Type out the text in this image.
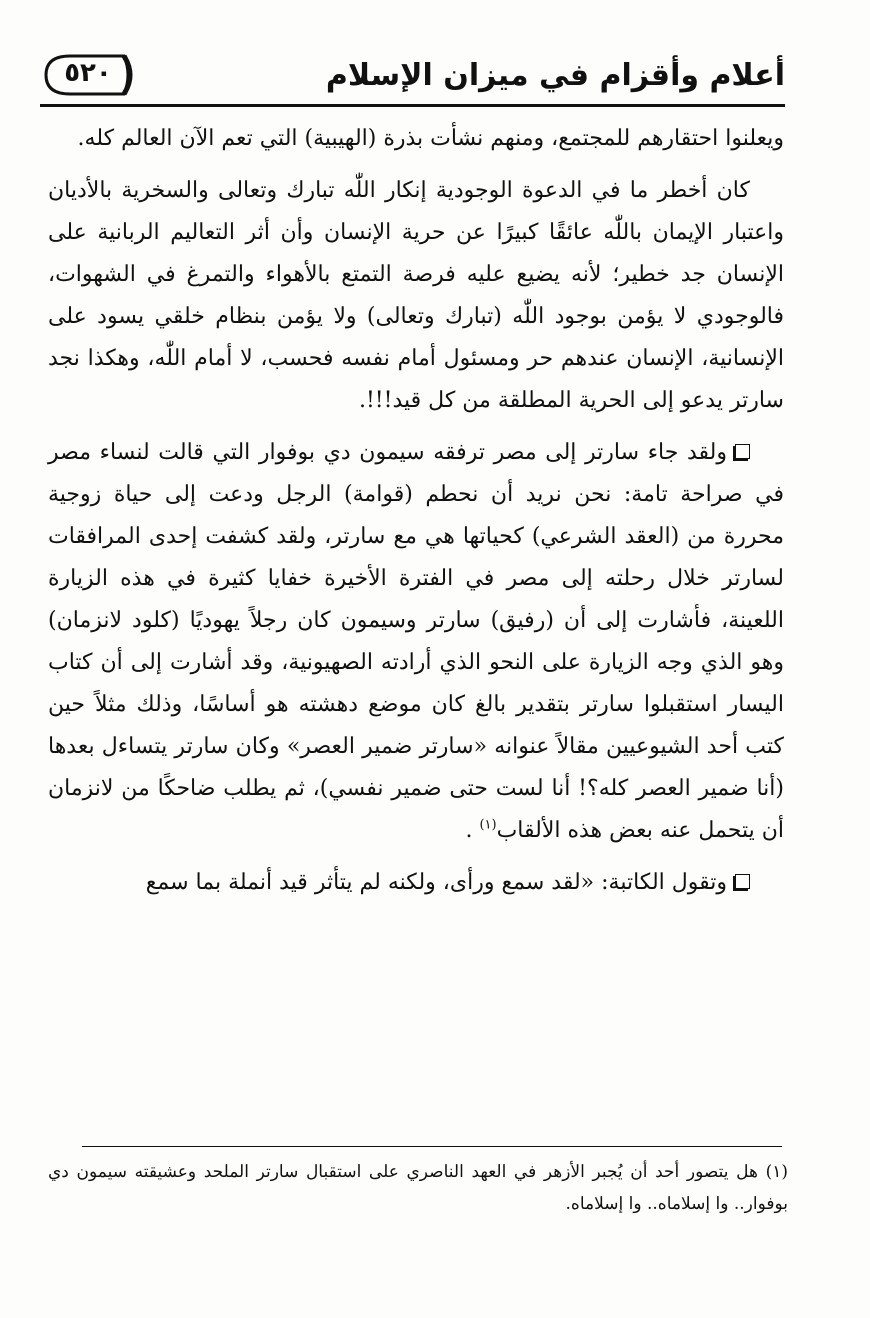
٥٢٠	أعلام وأقزام في ميزان الإسلام

ويعلنوا احتقارهم للمجتمع، ومنهم نشأت بذرة (الهيبية) التي تعم الآن العالم كله.

كان أخطر ما في الدعوة الوجودية إنكار اللّٰه تبارك وتعالى والسخرية بالأديان واعتبار الإيمان باللّٰه عائقًا كبيرًا عن حرية الإنسان وأن أثر التعاليم الربانية على الإنسان جد خطير؛ لأنه يضيع عليه فرصة التمتع بالأهواء والتمرغ في الشهوات، فالوجودي لا يؤمن بوجود اللّٰه (تبارك وتعالى) ولا يؤمن بنظام خلقي يسود على الإنسانية، الإنسان عندهم حر ومسئول أمام نفسه فحسب، لا أمام اللّٰه، وهكذا نجد سارتر يدعو إلى الحرية المطلقة من كل قيد!!!.

ولقد جاء سارتر إلى مصر ترفقه سيمون دي بوفوار التي قالت لنساء مصر في صراحة تامة: نحن نريد أن نحطم (قوامة) الرجل ودعت إلى حياة زوجية محررة من (العقد الشرعي) كحياتها هي مع سارتر، ولقد كشفت إحدى المرافقات لسارتر خلال رحلته إلى مصر في الفترة الأخيرة خفايا كثيرة في هذه الزيارة اللعينة، فأشارت إلى أن (رفيق) سارتر وسيمون كان رجلاً يهوديًا (كلود لانزمان) وهو الذي وجه الزيارة على النحو الذي أرادته الصهيونية، وقد أشارت إلى أن كتاب اليسار استقبلوا سارتر بتقدير بالغ كان موضع دهشته هو أساسًا، وذلك مثلاً حين كتب أحد الشيوعيين مقالاً عنوانه «سارتر ضمير العصر» وكان سارتر يتساءل بعدها (أنا ضمير العصر كله؟! أنا لست حتى ضمير نفسي)، ثم يطلب ضاحكًا من لانزمان أن يتحمل عنه بعض هذه الألقاب$^{(١)}$ .

وتقول الكاتبة: «لقد سمع ورأى، ولكنه لم يتأثر قيد أنملة بما سمع

(١) هل يتصور أحد أن يُجبر الأزهر في العهد الناصري على استقبال سارتر الملحد وعشيقته سيمون دي بوفوار.. وا إسلاماه.. وا إسلاماه.
